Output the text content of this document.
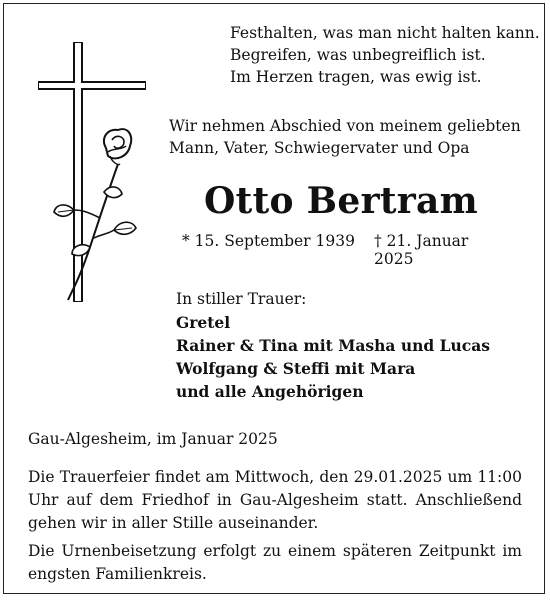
Festhalten, was man nicht halten kann.
Begreifen, was unbegreiflich ist.
Im Herzen tragen, was ewig ist.
Wir nehmen Abschied von meinem geliebten
Mann, Vater, Schwiegervater und Opa
Otto Bertram
* 15. September 1939 † 21. Januar 2025
In stiller Trauer:
Gretel
Rainer & Tina mit Masha und Lucas
Wolfgang & Steffi mit Mara
und alle Angehörigen
Gau-Algesheim, im Januar 2025
Die Trauerfeier findet am Mittwoch, den 29.01.2025 um 11:00 Uhr auf dem Friedhof in Gau-Algesheim statt. Anschließend gehen wir in aller Stille auseinander.
Die Urnenbeisetzung erfolgt zu einem späteren Zeitpunkt im engsten Familienkreis.
